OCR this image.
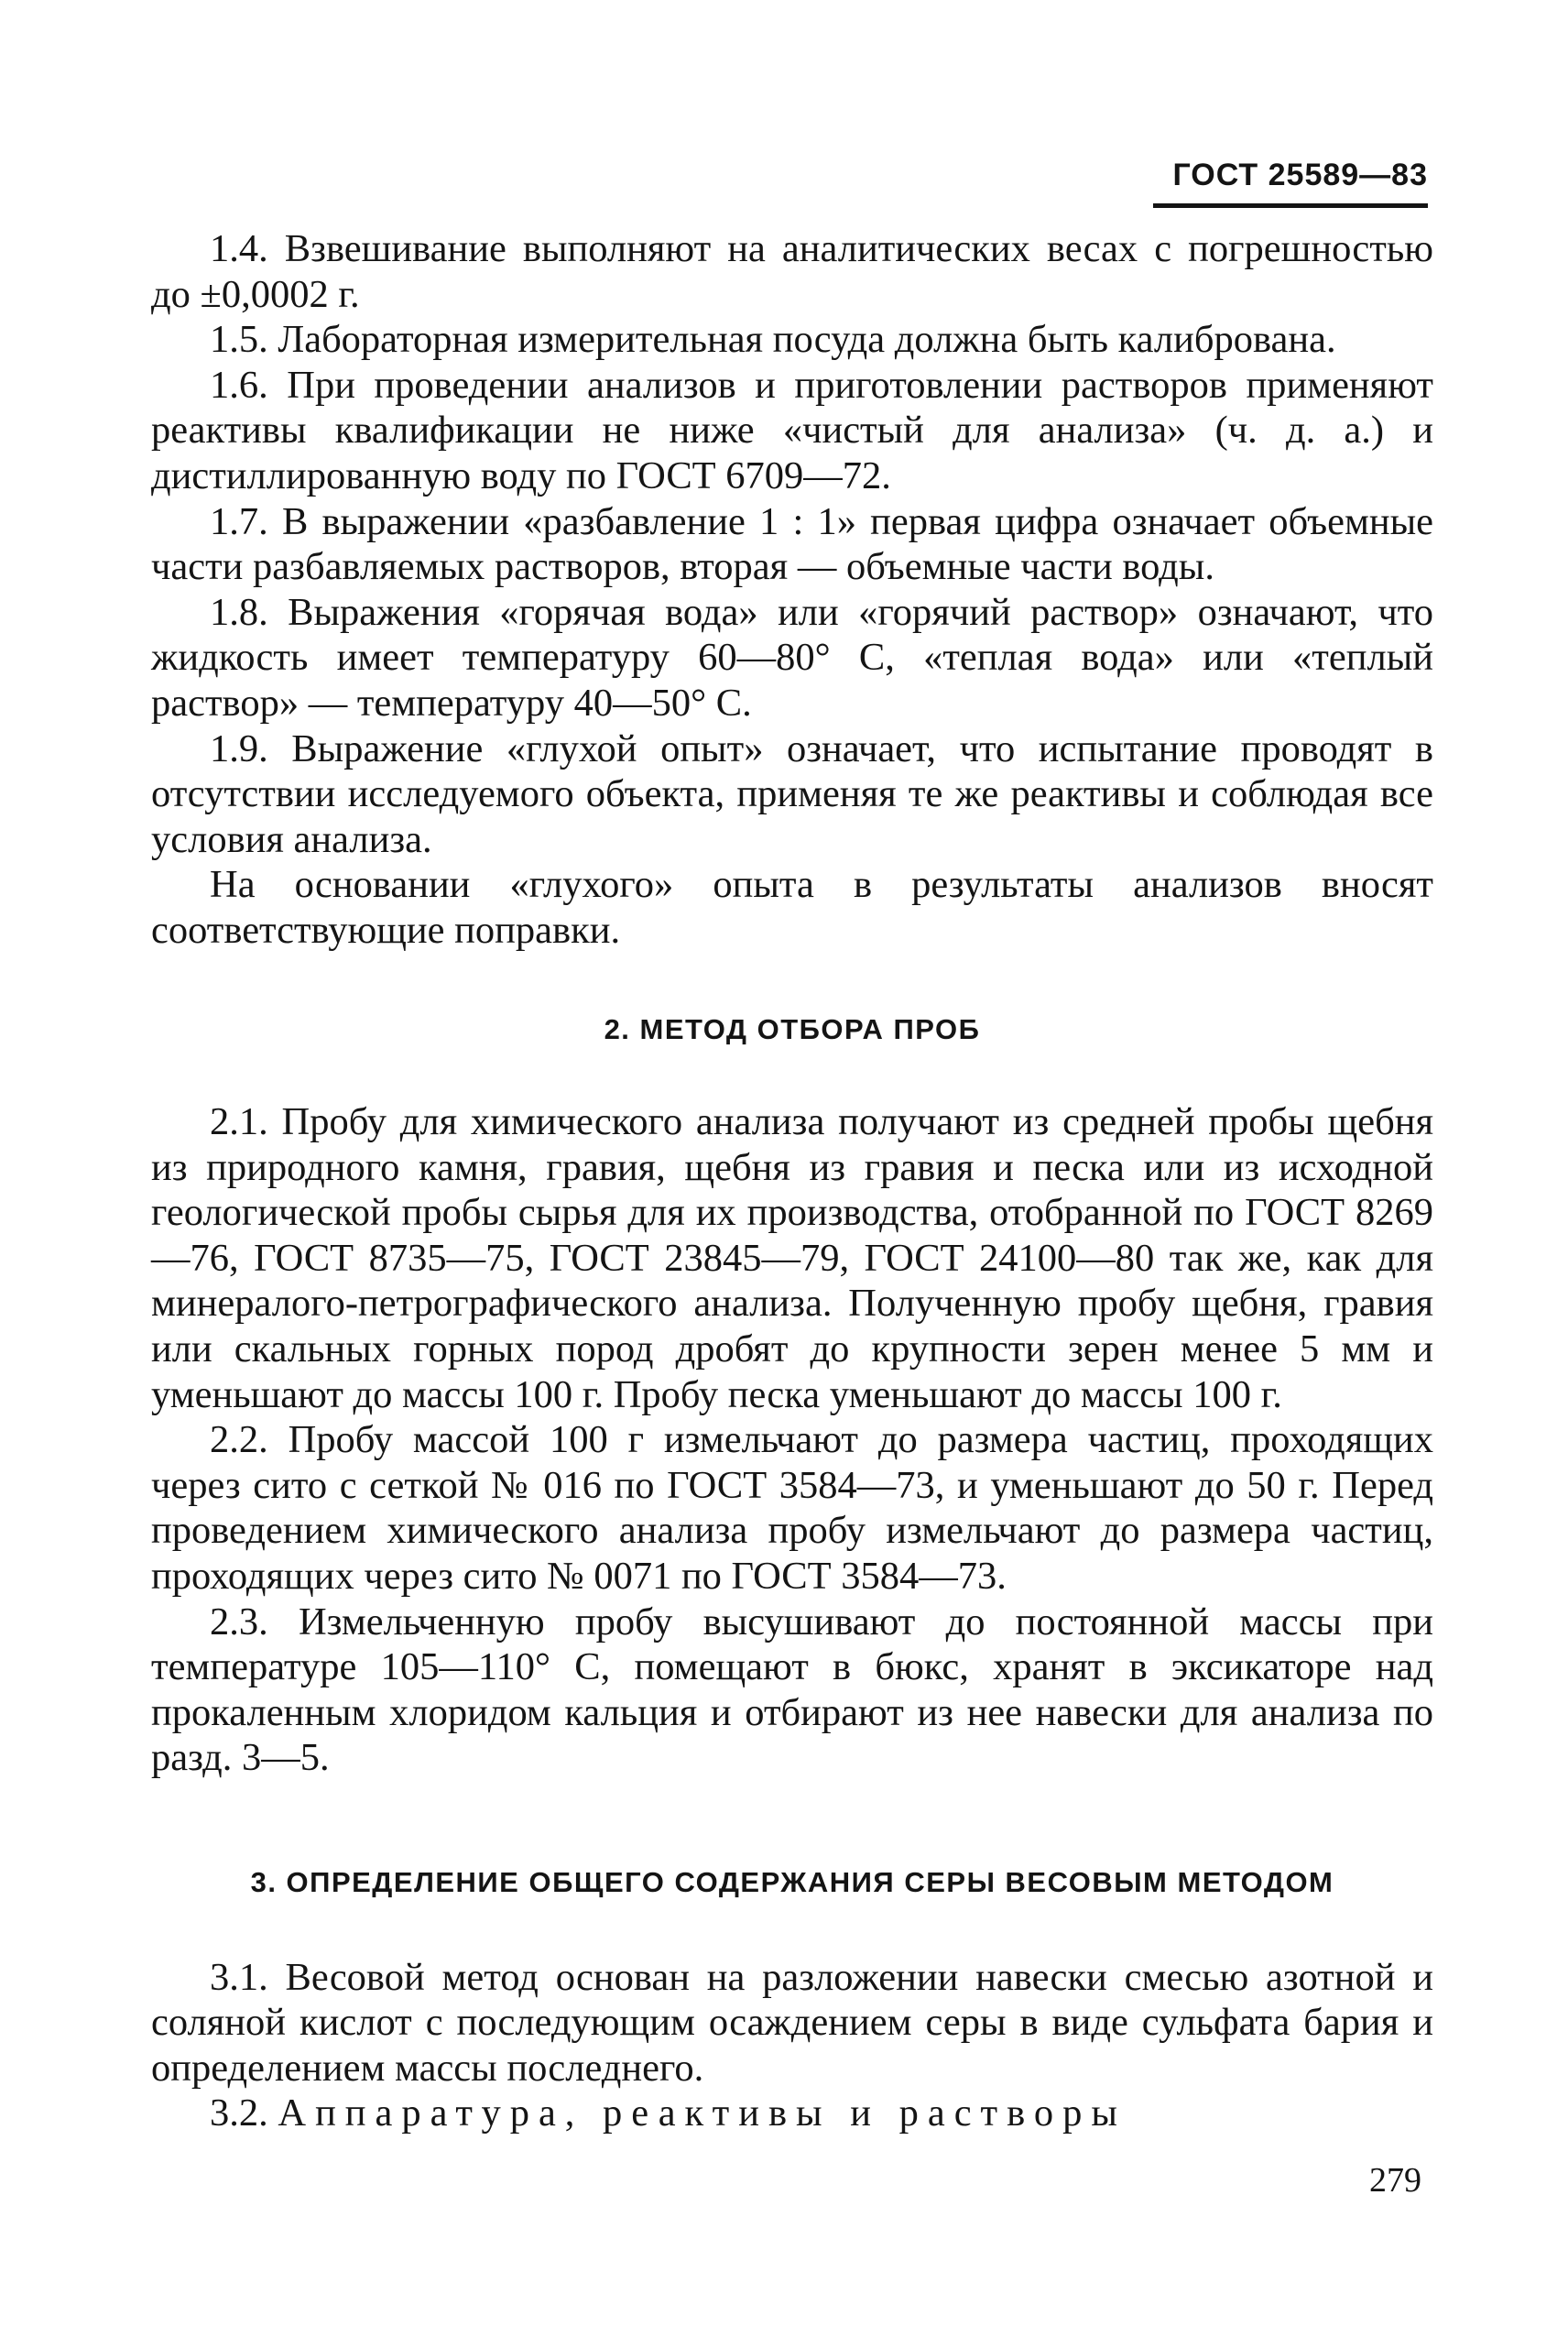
ГОСТ 25589—83

1.4. Взвешивание выполняют на аналитических весах с погрешностью до ±0,0002 г.

1.5. Лабораторная измерительная посуда должна быть калибрована.

1.6. При проведении анализов и приготовлении растворов применяют реактивы квалификации не ниже «чистый для анализа» (ч. д. а.) и дистиллированную воду по ГОСТ 6709—72.

1.7. В выражении «разбавление 1 : 1» первая цифра означает объемные части разбавляемых растворов, вторая — объемные части воды.

1.8. Выражения «горячая вода» или «горячий раствор» означают, что жидкость имеет температуру 60—80° С, «теплая вода» или «теплый раствор» — температуру 40—50° С.

1.9. Выражение «глухой опыт» означает, что испытание проводят в отсутствии исследуемого объекта, применяя те же реактивы и соблюдая все условия анализа.

На основании «глухого» опыта в результаты анализов вносят соответствующие поправки.

2. МЕТОД ОТБОРА ПРОБ

2.1. Пробу для химического анализа получают из средней пробы щебня из природного камня, гравия, щебня из гравия и песка или из исходной геологической пробы сырья для их производства, отобранной по ГОСТ 8269—76, ГОСТ 8735—75, ГОСТ 23845—79, ГОСТ 24100—80 так же, как для минералого-петрографического анализа. Полученную пробу щебня, гравия или скальных горных пород дробят до крупности зерен менее 5 мм и уменьшают до массы 100 г. Пробу песка уменьшают до массы 100 г.

2.2. Пробу массой 100 г измельчают до размера частиц, проходящих через сито с сеткой № 016 по ГОСТ 3584—73, и уменьшают до 50 г. Перед проведением химического анализа пробу измельчают до размера частиц, проходящих через сито № 0071 по ГОСТ 3584—73.

2.3. Измельченную пробу высушивают до постоянной массы при температуре 105—110° С, помещают в бюкс, хранят в эксикаторе над прокаленным хлоридом кальция и отбирают из нее навески для анализа по разд. 3—5.

3. ОПРЕДЕЛЕНИЕ ОБЩЕГО СОДЕРЖАНИЯ СЕРЫ ВЕСОВЫМ МЕТОДОМ

3.1. Весовой метод основан на разложении навески смесью азотной и соляной кислот с последующим осаждением серы в виде сульфата бария и определением массы последнего.

3.2. Аппаратура, реактивы и растворы

279
